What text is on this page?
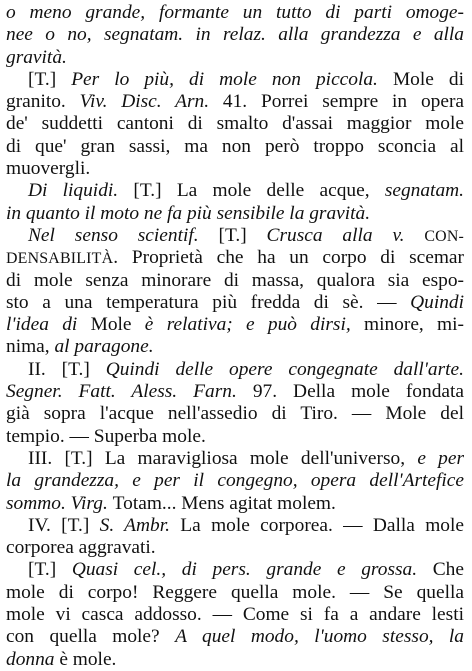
o meno grande, formante un tutto di parti omoge-
nee o no, segnatam. in relaz. alla grandezza e alla
gravità.
[T.] Per lo più, di mole non piccola. Mole di
granito. Viv. Disc. Arn. 41. Porrei sempre in opera
de' suddetti cantoni di smalto d'assai maggior mole
di que' gran sassi, ma non però troppo sconcia al
muovergli.
Di liquidi. [T.] La mole delle acque, segnatam.
in quanto il moto ne fa più sensibile la gravità.
Nel senso scientif. [T.] Crusca alla v. CON-
DENSABILITÀ. Proprietà che ha un corpo di scemar
di mole senza minorare di massa, qualora sia espo-
sto a una temperatura più fredda di sè. — Quindi
l'idea di Mole è relativa; e può dirsi, minore, mi-
nima, al paragone.
II. [T.] Quindi delle opere congegnate dall'arte.
Segner. Fatt. Aless. Farn. 97. Della mole fondata
già sopra l'acque nell'assedio di Tiro. — Mole del
tempio. — Superba mole.
III. [T.] La maravigliosa mole dell'universo, e per
la grandezza, e per il congegno, opera dell'Artefice
sommo. Virg. Totam... Mens agitat molem.
IV. [T.] S. Ambr. La mole corporea. — Dalla mole
corporea aggravati.
[T.] Quasi cel., di pers. grande e grossa. Che
mole di corpo! Reggere quella mole. — Se quella
mole vi casca addosso. — Come si fa a andare lesti
con quella mole? A quel modo, l'uomo stesso, la
donna è mole.
